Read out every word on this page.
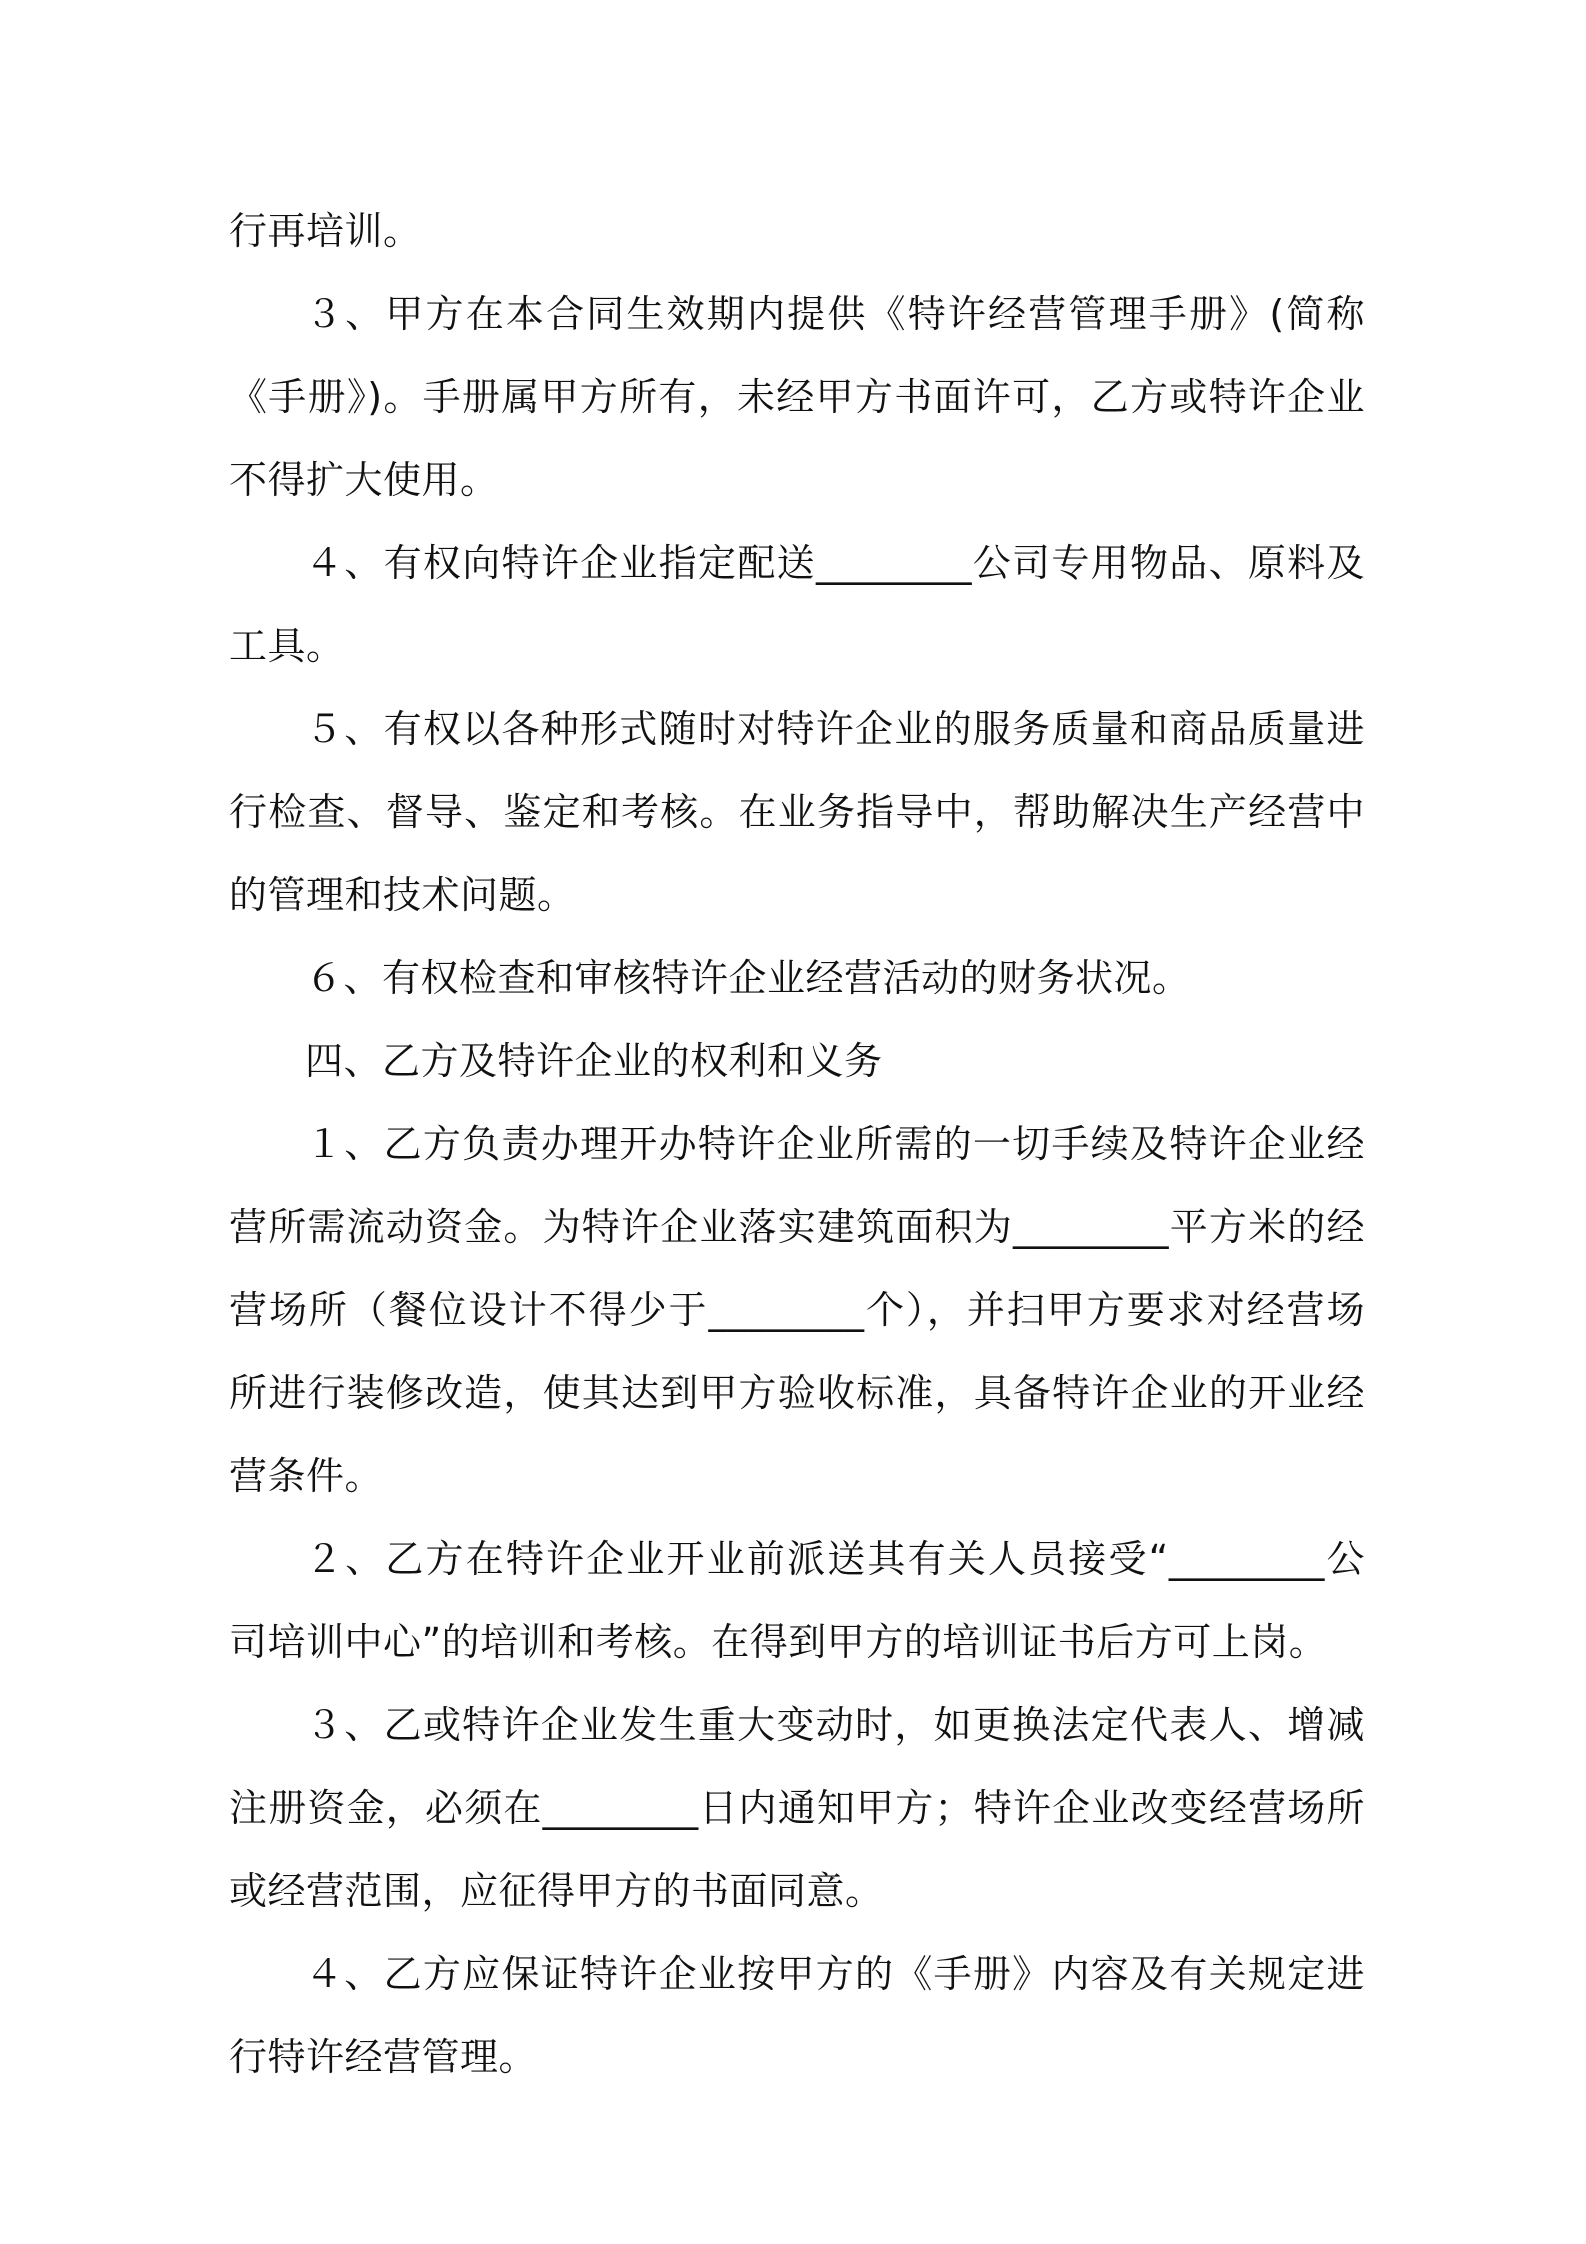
行再培训。

３、甲方在本合同生效期内提供《特许经营管理手册》(简称《手册》)。手册属甲方所有，未经甲方书面许可，乙方或特许企业不得扩大使用。

４、有权向特许企业指定配送________公司专用物品、原料及工具。

５、有权以各种形式随时对特许企业的服务质量和商品质量进行检查、督导、鉴定和考核。在业务指导中，帮助解决生产经营中的管理和技术问题。

６、有权检查和审核特许企业经营活动的财务状况。

四、乙方及特许企业的权利和义务

１、乙方负责办理开办特许企业所需的一切手续及特许企业经营所需流动资金。为特许企业落实建筑面积为________平方米的经营场所（餐位设计不得少于________个），并扫甲方要求对经营场所进行装修改造，使其达到甲方验收标准，具备特许企业的开业经营条件。

２、乙方在特许企业开业前派送其有关人员接受“________公司培训中心”的培训和考核。在得到甲方的培训证书后方可上岗。

３、乙或特许企业发生重大变动时，如更换法定代表人、增减注册资金，必须在________日内通知甲方；特许企业改变经营场所或经营范围，应征得甲方的书面同意。

４、乙方应保证特许企业按甲方的《手册》内容及有关规定进行特许经营管理。
